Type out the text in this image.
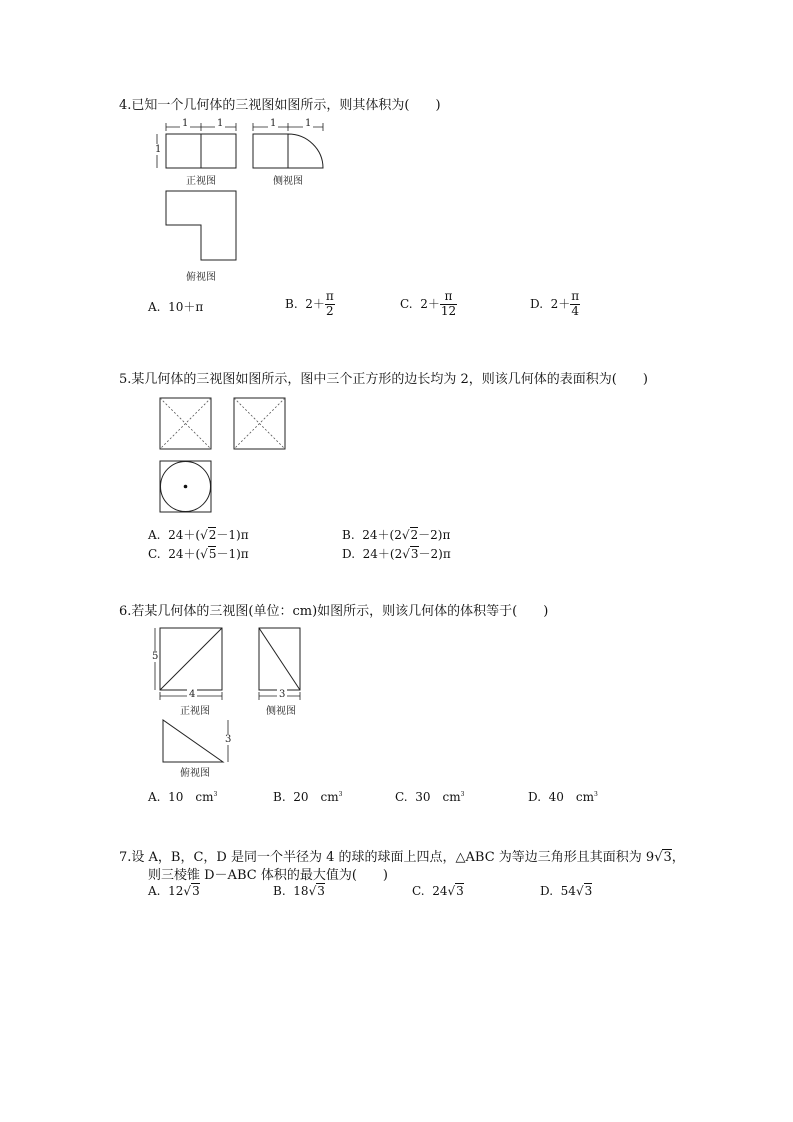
4.已知一个几何体的三视图如图所示，则其体积为(　　)
1	1
1
正视图
1	1
侧视图
俯视图
A. 10＋π	B. $2+ \frac{\pi}{2}$	C. $2+ \frac{\pi}{12}$	D. $2+ \frac{\pi}{4}$
5.某几何体的三视图如图所示，图中三个正方形的边长均为 2，则该几何体的表面积为(　　)
A. 24＋(√2－1)π	B. 24＋(2√2－2)π
C. 24＋(√5－1)π	D. 24＋(2√3－2)π
6.若某几何体的三视图(单位：cm)如图所示，则该几何体的体积等于(　　)
5
4
正视图
3
侧视图
3
俯视图
A. 10　$cm^3$	B. 20　$cm^3$	C. 30　$cm^3$	D. 40　$cm^3$
7.设 A，B，C，D 是同一个半径为 4 的球的球面上四点，△ABC 为等边三角形且其面积为 9√3，
则三棱锥 D－ABC 体积的最大值为(　　)
A. 12√3	B. 18√3	C. 24√3	D. 54√3
